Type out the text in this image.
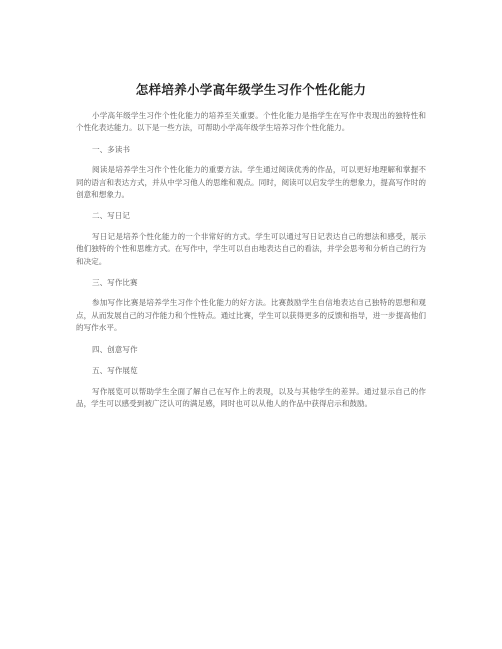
怎样培养小学高年级学生习作个性化能力

小学高年级学生习作个性化能力的培养至关重要。个性化能力是指学生在写作中表现出的独特性和个性化表达能力。以下是一些方法，可帮助小学高年级学生培养习作个性化能力。

一、多读书

阅读是培养学生习作个性化能力的重要方法。学生通过阅读优秀的作品，可以更好地理解和掌握不同的语言和表达方式，并从中学习他人的思维和观点。同时，阅读可以启发学生的想象力，提高写作时的创意和想象力。

二、写日记

写日记是培养个性化能力的一个非常好的方式。学生可以通过写日记表达自己的想法和感受，展示他们独特的个性和思维方式。在写作中，学生可以自由地表达自己的看法，并学会思考和分析自己的行为和决定。

三、写作比赛

参加写作比赛是培养学生习作个性化能力的好方法。比赛鼓励学生自信地表达自己独特的思想和观点，从而发展自己的习作能力和个性特点。通过比赛，学生可以获得更多的反馈和指导，进一步提高他们的写作水平。

四、创意写作

五、写作展览

写作展览可以帮助学生全面了解自己在写作上的表现，以及与其他学生的差异。通过显示自己的作品，学生可以感受到被广泛认可的满足感，同时也可以从他人的作品中获得启示和鼓励。
